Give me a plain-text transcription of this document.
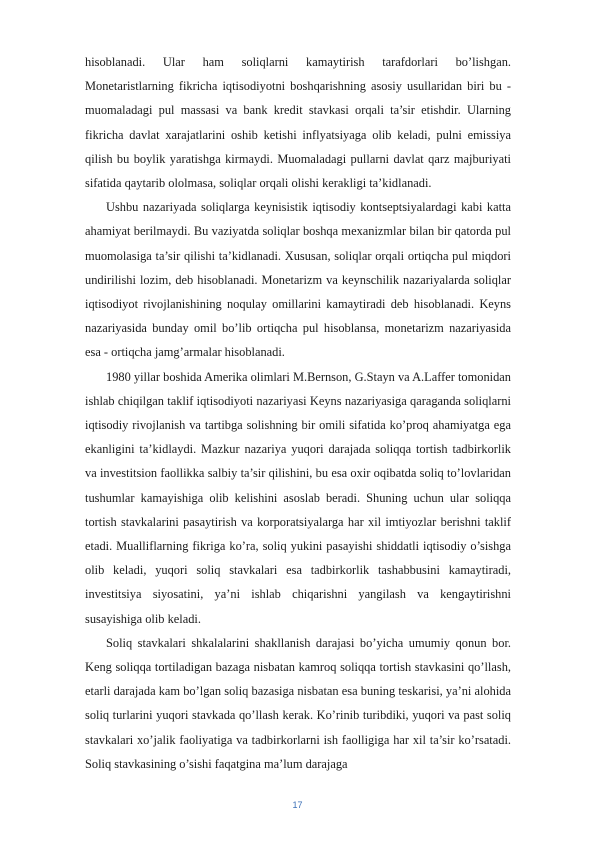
hisoblanadi. Ular ham soliqlarni kamaytirish tarafdorlari bo’lishgan. Monetaristlarning fikricha iqtisodiyotni boshqarishning asosiy usullaridan biri bu - muomaladagi pul massasi va bank kredit stavkasi orqali ta’sir etishdir. Ularning fikricha davlat xarajatlarini oshib ketishi inflyatsiyaga olib keladi, pulni emissiya qilish bu boylik yaratishga kirmaydi. Muomaladagi pullarni davlat qarz majburiyati sifatida qaytarib ololmasa, soliqlar orqali olishi kerakligi ta’kidlanadi.

Ushbu nazariyada soliqlarga keynisistik iqtisodiy kontseptsiyalardagi kabi katta ahamiyat berilmaydi. Bu vaziyatda soliqlar boshqa mexanizmlar bilan bir qatorda pul muomolasiga ta’sir qilishi ta’kidlanadi. Xususan, soliqlar orqali ortiqcha pul miqdori undirilishi lozim, deb hisoblanadi. Monetarizm va keynschilik nazariyalarda soliqlar iqtisodiyot rivojlanishining noqulay omillarini kamaytiradi deb hisoblanadi. Keyns nazariyasida bunday omil bo’lib ortiqcha pul hisoblansa, monetarizm nazariyasida esa - ortiqcha jamg’armalar hisoblanadi.

1980 yillar boshida Amerika olimlari M.Bernson, G.Stayn va A.Laffer tomonidan ishlab chiqilgan taklif iqtisodiyoti nazariyasi Keyns nazariyasiga qaraganda soliqlarni iqtisodiy rivojlanish va tartibga solishning bir omili sifatida ko’proq ahamiyatga ega ekanligini ta’kidlaydi. Mazkur nazariya yuqori darajada soliqqa tortish tadbirkorlik va investitsion faollikka salbiy ta’sir qilishini, bu esa oxir oqibatda soliq to’lovlaridan tushumlar kamayishiga olib kelishini asoslab beradi. Shuning uchun ular soliqqa tortish stavkalarini pasaytirish va korporatsiyalarga har xil imtiyozlar berishni taklif etadi. Mualliflarning fikriga ko’ra, soliq yukini pasayishi shiddatli iqtisodiy o’sishga olib keladi, yuqori soliq stavkalari esa tadbirkorlik tashabbusini kamaytiradi, investitsiya siyosatini, ya’ni ishlab chiqarishni yangilash va kengaytirishni susayishiga olib keladi.

Soliq stavkalari shkalalarini shakllanish darajasi bo’yicha umumiy qonun bor. Keng soliqqa tortiladigan bazaga nisbatan kamroq soliqqa tortish stavkasini qo’llash, etarli darajada kam bo’lgan soliq bazasiga nisbatan esa buning teskarisi, ya’ni alohida soliq turlarini yuqori stavkada qo’llash kerak. Ko’rinib turibdiki, yuqori va past soliq stavkalari xo’jalik faoliyatiga va tadbirkorlarni ish faolligiga har xil ta’sir ko’rsatadi. Soliq stavkasining o’sishi faqatgina ma’lum darajaga

17
